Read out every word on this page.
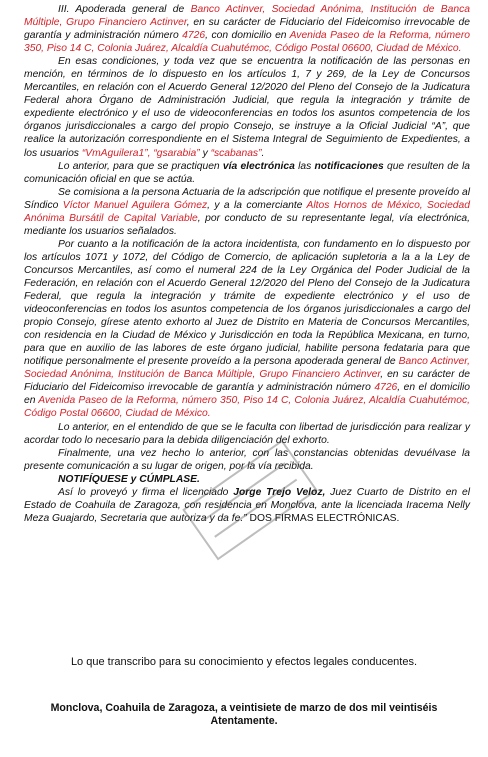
III. Apoderada general de Banco Actinver, Sociedad Anónima, Institución de Banca Múltiple, Grupo Financiero Actinver, en su carácter de Fiduciario del Fideicomiso irrevocable de garantía y administración número 4726, con domicilio en Avenida Paseo de la Reforma, número 350, Piso 14 C, Colonia Juárez, Alcaldía Cuahutémoc, Código Postal 06600, Ciudad de México.

En esas condiciones, y toda vez que se encuentra la notificación de las personas en mención, en términos de lo dispuesto en los artículos 1, 7 y 269, de la Ley de Concursos Mercantiles, en relación con el Acuerdo General 12/2020 del Pleno del Consejo de la Judicatura Federal ahora Órgano de Administración Judicial, que regula la integración y trámite de expediente electrónico y el uso de videoconferencias en todos los asuntos competencia de los órganos jurisdiccionales a cargo del propio Consejo, se instruye a la Oficial Judicial “A”, que realice la autorización correspondiente en el Sistema Integral de Seguimiento de Expedientes, a los usuarios “VmAguilera1”, “gsarabia” y “scabanas”.

Lo anterior, para que se practiquen vía electrónica las notificaciones que resulten de la comunicación oficial en que se actúa.

Se comisiona a la persona Actuaria de la adscripción que notifique el presente proveído al Síndico Víctor Manuel Aguilera Gómez, y a la comerciante Altos Hornos de México, Sociedad Anónima Bursátil de Capital Variable, por conducto de su representante legal, vía electrónica, mediante los usuarios señalados.

Por cuanto a la notificación de la actora incidentista, con fundamento en lo dispuesto por los artículos 1071 y 1072, del Código de Comercio, de aplicación supletoria a la a la Ley de Concursos Mercantiles, así como el numeral 224 de la Ley Orgánica del Poder Judicial de la Federación, en relación con el Acuerdo General 12/2020 del Pleno del Consejo de la Judicatura Federal, que regula la integración y trámite de expediente electrónico y el uso de videoconferencias en todos los asuntos competencia de los órganos jurisdiccionales a cargo del propio Consejo, gírese atento exhorto al Juez de Distrito en Materia de Concursos Mercantiles, con residencia en la Ciudad de México y Jurisdicción en toda la República Mexicana, en turno, para que en auxilio de las labores de este órgano judicial, habilite persona fedataria para que notifique personalmente el presente proveído a la persona apoderada general de Banco Actinver, Sociedad Anónima, Institución de Banca Múltiple, Grupo Financiero Actinver, en su carácter de Fiduciario del Fideicomiso irrevocable de garantía y administración número 4726, en el domicilio en Avenida Paseo de la Reforma, número 350, Piso 14 C, Colonia Juárez, Alcaldía Cuahutémoc, Código Postal 06600, Ciudad de México.

Lo anterior, en el entendido de que se le faculta con libertad de jurisdicción para realizar y acordar todo lo necesario para la debida diligenciación del exhorto.

Finalmente, una vez hecho lo anterior, con las constancias obtenidas devuélvase la presente comunicación a su lugar de origen, por la vía recibida.

NOTIFÍQUESE y CÚMPLASE.

Así lo proveyó y firma el licenciado Jorge Trejo Veloz, Juez Cuarto de Distrito en el Estado de Coahuila de Zaragoza, con residencia en Monclova, ante la licenciada Iracema Nelly Meza Guajardo, Secretaria que autoriza y da fe.” DOS FIRMAS ELECTRÓNICAS.

Lo que transcribo para su conocimiento y efectos legales conducentes.
Monclova, Coahuila de Zaragoza, a veintisiete de marzo de dos mil veintiséis
Atentamente.
